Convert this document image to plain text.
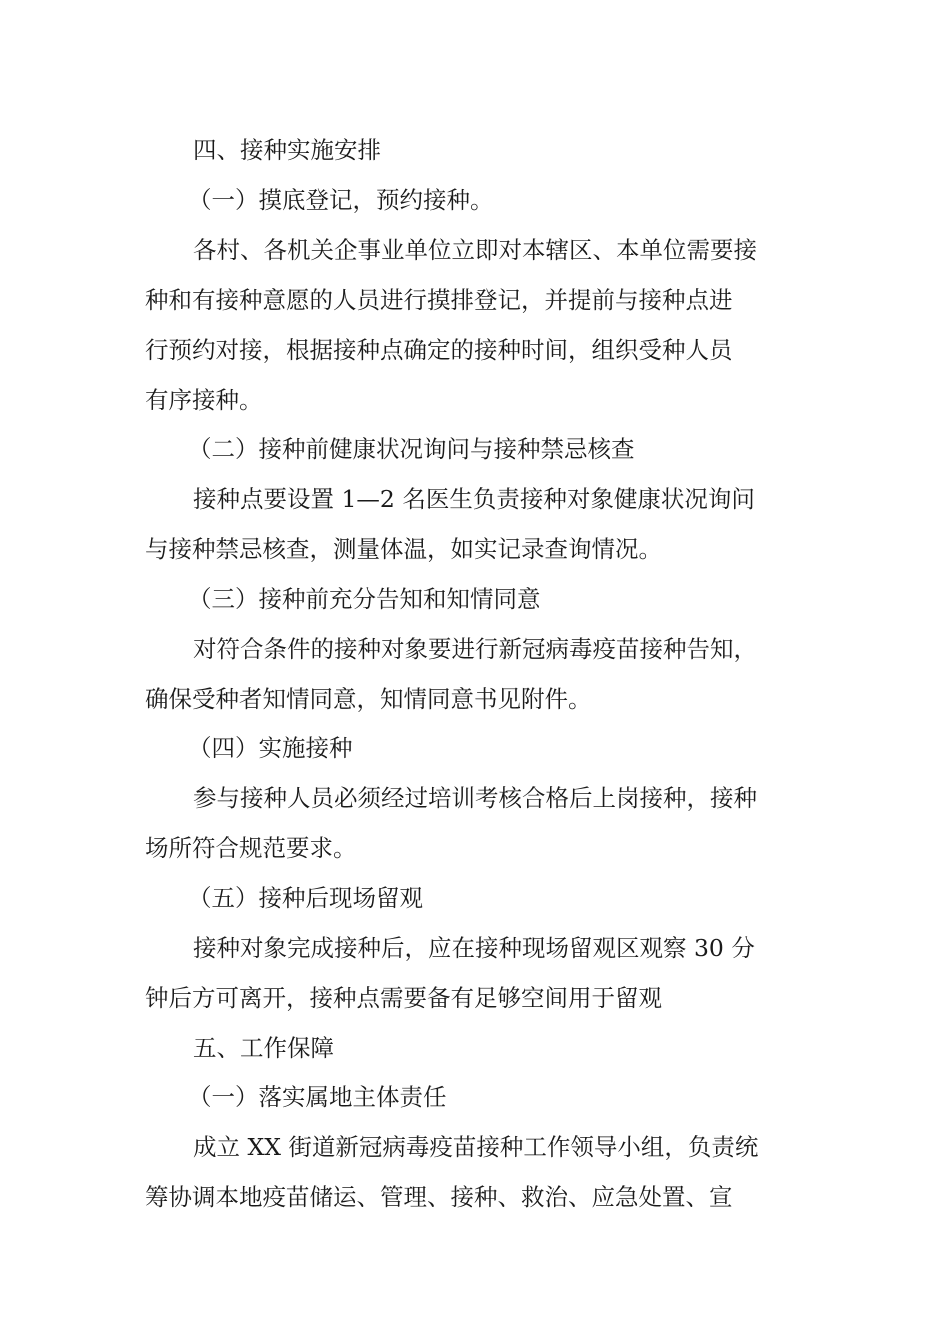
四、接种实施安排
（一）摸底登记，预约接种。
各村、各机关企事业单位立即对本辖区、本单位需要接
种和有接种意愿的人员进行摸排登记，并提前与接种点进
行预约对接，根据接种点确定的接种时间，组织受种人员
有序接种。
（二）接种前健康状况询问与接种禁忌核查
接种点要设置 1—2 名医生负责接种对象健康状况询问
与接种禁忌核查，测量体温，如实记录查询情况。
（三）接种前充分告知和知情同意
对符合条件的接种对象要进行新冠病毒疫苗接种告知，
确保受种者知情同意，知情同意书见附件。
（四）实施接种
参与接种人员必须经过培训考核合格后上岗接种，接种
场所符合规范要求。
（五）接种后现场留观
接种对象完成接种后，应在接种现场留观区观察 30 分
钟后方可离开，接种点需要备有足够空间用于留观
五、工作保障
（一）落实属地主体责任
成立 XX 街道新冠病毒疫苗接种工作领导小组，负责统
筹协调本地疫苗储运、管理、接种、救治、应急处置、宣
